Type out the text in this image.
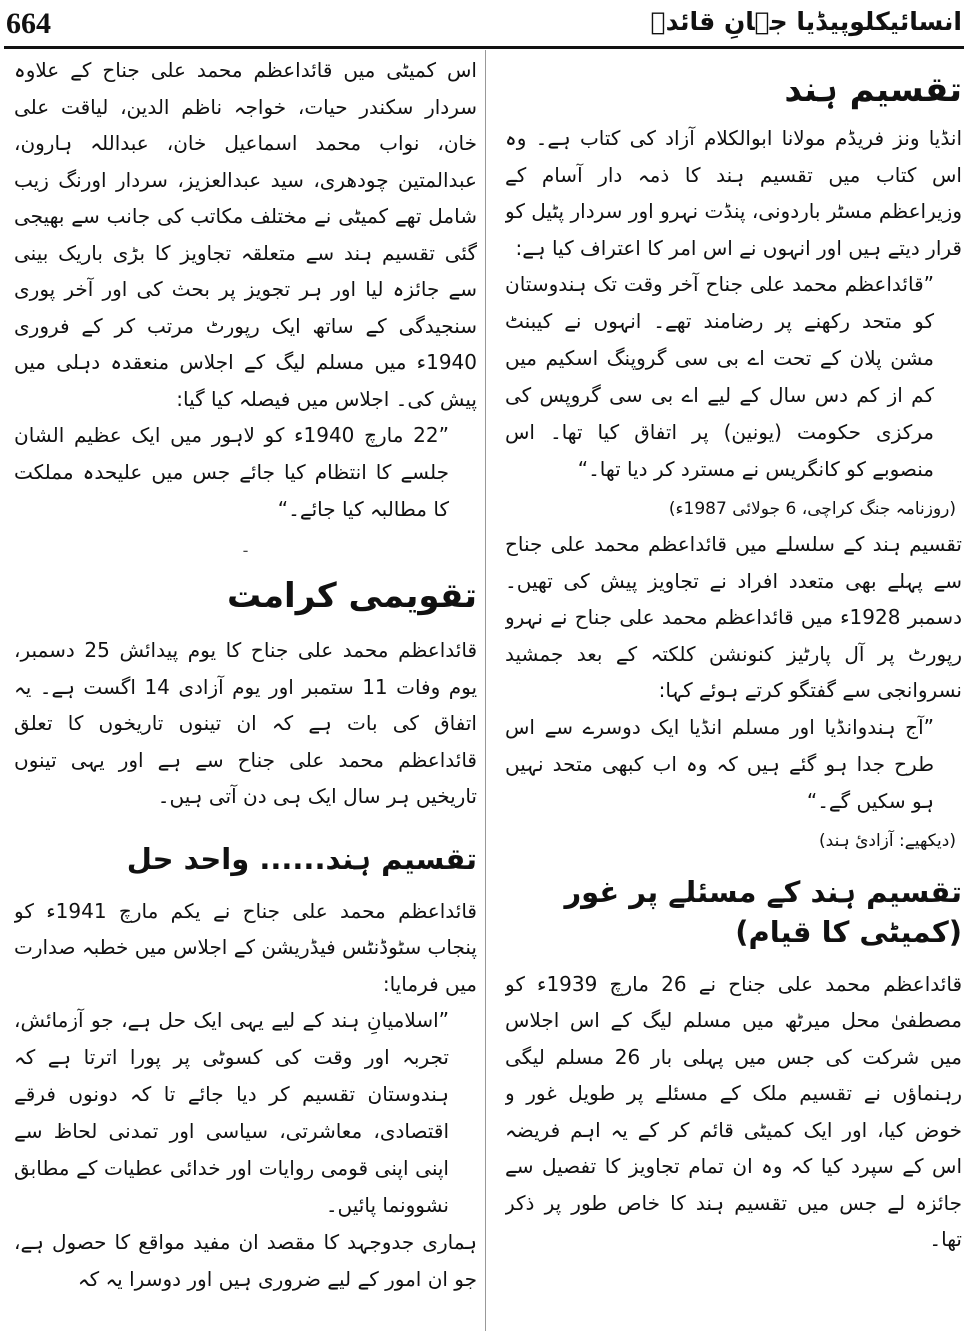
664	انسائیکلوپیڈیا جہانِ قائدؒ
تقسیم ہند

انڈیا ونز فریڈم مولانا ابوالکلام آزاد کی کتاب ہے۔ وہ اس کتاب میں تقسیم ہند کا ذمہ دار آسام کے وزیراعظم مسٹر باردونی، پنڈت نہرو اور سردار پٹیل کو قرار دیتے ہیں اور انہوں نے اس امر کا اعتراف کیا ہے:

”قائداعظم محمد علی جناح آخر وقت تک ہندوستان کو متحد رکھنے پر رضامند تھے۔ انہوں نے کیبنٹ مشن پلان کے تحت اے بی سی گروپنگ اسکیم میں کم از کم دس سال کے لیے اے بی سی گروپس کی مرکزی حکومت (یونین) پر اتفاق کیا تھا۔ اس منصوبے کو کانگریس نے مسترد کر دیا تھا۔“

(روزنامہ جنگ کراچی، 6 جولائی 1987ء)

تقسیم ہند کے سلسلے میں قائداعظم محمد علی جناح سے پہلے بھی متعدد افراد نے تجاویز پیش کی تھیں۔ دسمبر 1928ء میں قائداعظم محمد علی جناح نے نہرو رپورٹ پر آل پارٹیز کنونشن کلکتہ کے بعد جمشید نسروانجی سے گفتگو کرتے ہوئے کہا:

”آج ہندوانڈیا اور مسلم انڈیا ایک دوسرے سے اس طرح جدا ہو گئے ہیں کہ وہ اب کبھی متحد نہیں ہو سکیں گے۔“

(دیکھیے: آزادیٔ ہند)

تقسیم ہند کے مسئلے پر غور (کمیٹی کا قیام)

قائداعظم محمد علی جناح نے 26 مارچ 1939ء کو مصطفیٰ محل میرٹھ میں مسلم لیگ کے اس اجلاس میں شرکت کی جس میں پہلی بار 26 مسلم لیگی رہنماؤں نے تقسیم ملک کے مسئلے پر طویل غور و خوض کیا، اور ایک کمیٹی قائم کر کے یہ اہم فریضہ اس کے سپرد کیا کہ وہ ان تمام تجاویز کا تفصیل سے جائزہ لے جس میں تقسیم ہند کا خاص طور پر ذکر تھا۔

اس کمیٹی میں قائداعظم محمد علی جناح کے علاوہ سردار سکندر حیات، خواجہ ناظم الدین، لیاقت علی خان، نواب محمد اسماعیل خان، عبداللہ ہارون، عبدالمتین چودھری، سید عبدالعزیز، سردار اورنگ زیب شامل تھے کمیٹی نے مختلف مکاتب کی جانب سے بھیجی گئی تقسیم ہند سے متعلقہ تجاویز کا بڑی باریک بینی سے جائزہ لیا اور ہر تجویز پر بحث کی اور آخر پوری سنجیدگی کے ساتھ ایک رپورٹ مرتب کر کے فروری 1940ء میں مسلم لیگ کے اجلاس منعقدہ دہلی میں پیش کی۔ اجلاس میں فیصلہ کیا گیا:

”22 مارچ 1940ء کو لاہور میں ایک عظیم الشان جلسے کا انتظام کیا جائے جس میں علیحدہ مملکت کا مطالبہ کیا جائے۔“

-
تقویمی کرامت

قائداعظم محمد علی جناح کا یوم پیدائش 25 دسمبر، یوم وفات 11 ستمبر اور یوم آزادی 14 اگست ہے۔ یہ اتفاق کی بات ہے کہ ان تینوں تاریخوں کا تعلق قائداعظم محمد علی جناح سے ہے اور یہی تینوں تاریخیں ہر سال ایک ہی دن آتی ہیں۔

تقسیم ہند...... واحد حل

قائداعظم محمد علی جناح نے یکم مارچ 1941ء کو پنجاب سٹوڈنٹس فیڈریشن کے اجلاس میں خطبہ صدارت میں فرمایا:

”اسلامیانِ ہند کے لیے یہی ایک حل ہے، جو آزمائش، تجربہ اور وقت کی کسوٹی پر پورا اترتا ہے کہ ہندوستان تقسیم کر دیا جائے تا کہ دونوں فرقے اقتصادی، معاشرتی، سیاسی اور تمدنی لحاظ سے اپنی اپنی قومی روایات اور خدائی عطیات کے مطابق نشوونما پائیں۔

ہماری جدوجہد کا مقصد ان مفید مواقع کا حصول ہے، جو ان امور کے لیے ضروری ہیں اور دوسرا یہ کہ
